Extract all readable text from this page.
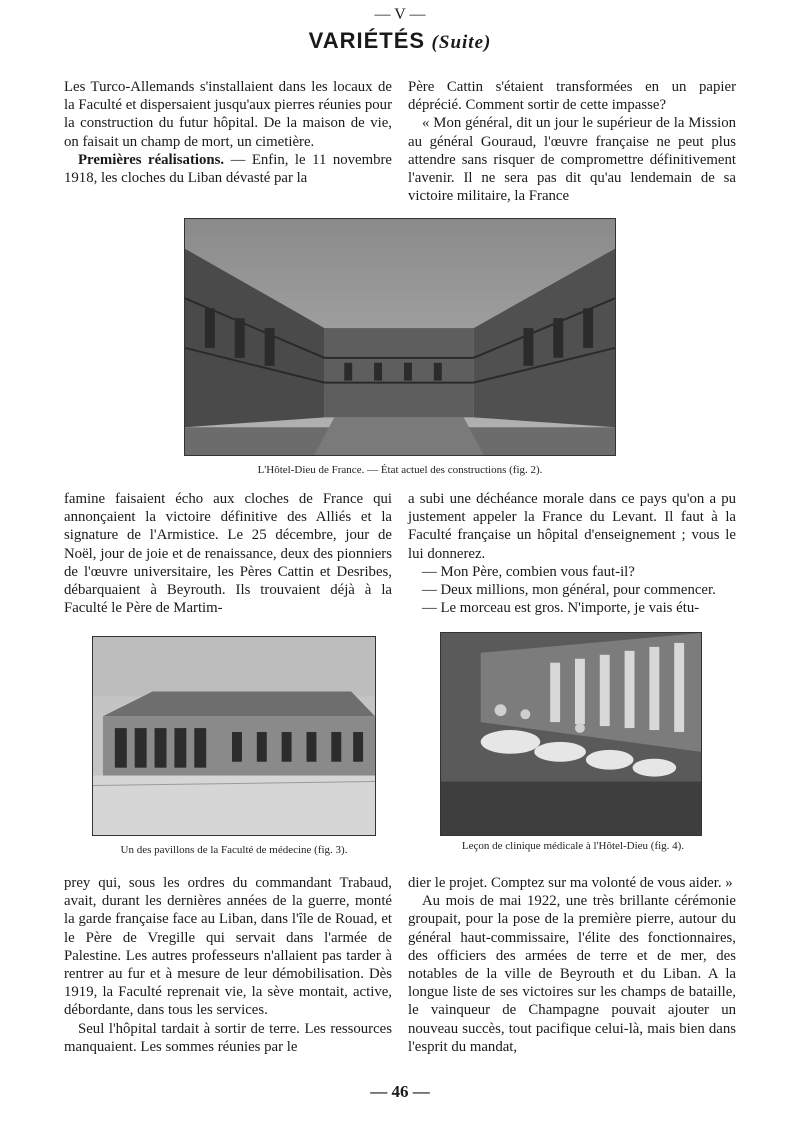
— V —
VARIÉTÉS (Suite)

Les Turco-Allemands s'installaient dans les locaux de la Faculté et dispersaient jusqu'aux pierres réunies pour la construction du futur hôpital. De la maison de vie, on faisait un champ de mort, un cimetière.

Premières réalisations. — Enfin, le 11 novembre 1918, les cloches du Liban dévasté par la

Père Cattin s'étaient transformées en un papier déprécié. Comment sortir de cette impasse?

« Mon général, dit un jour le supérieur de la Mission au général Gouraud, l'œuvre française ne peut plus attendre sans risquer de compromettre définitivement l'avenir. Il ne sera pas dit qu'au lendemain de sa victoire militaire, la France

L'Hôtel-Dieu de France. — État actuel des constructions (fig. 2).

famine faisaient écho aux cloches de France qui annonçaient la victoire définitive des Alliés et la signature de l'Armistice. Le 25 décembre, jour de Noël, jour de joie et de renaissance, deux des pionniers de l'œuvre universitaire, les Pères Cattin et Desribes, débarquaient à Beyrouth. Ils trouvaient déjà à la Faculté le Père de Martim-

a subi une déchéance morale dans ce pays qu'on a pu justement appeler la France du Levant. Il faut à la Faculté française un hôpital d'enseignement ; vous le lui donnerez.

— Mon Père, combien vous faut-il?

— Deux millions, mon général, pour commencer.

— Le morceau est gros. N'importe, je vais étu-

Un des pavillons de la Faculté de médecine (fig. 3).	Leçon de clinique médicale à l'Hôtel-Dieu (fig. 4).

prey qui, sous les ordres du commandant Trabaud, avait, durant les dernières années de la guerre, monté la garde française face au Liban, dans l'île de Rouad, et le Père de Vregille qui servait dans l'armée de Palestine. Les autres professeurs n'allaient pas tarder à rentrer au fur et à mesure de leur démobilisation. Dès 1919, la Faculté reprenait vie, la sève montait, active, débordante, dans tous les services.

Seul l'hôpital tardait à sortir de terre. Les ressources manquaient. Les sommes réunies par le

dier le projet. Comptez sur ma volonté de vous aider. »

Au mois de mai 1922, une très brillante cérémonie groupait, pour la pose de la première pierre, autour du général haut-commissaire, l'élite des fonctionnaires, des officiers des armées de terre et de mer, des notables de la ville de Beyrouth et du Liban. A la longue liste de ses victoires sur les champs de bataille, le vainqueur de Champagne pouvait ajouter un nouveau succès, tout pacifique celui-là, mais bien dans l'esprit du mandat,

— 46 —
